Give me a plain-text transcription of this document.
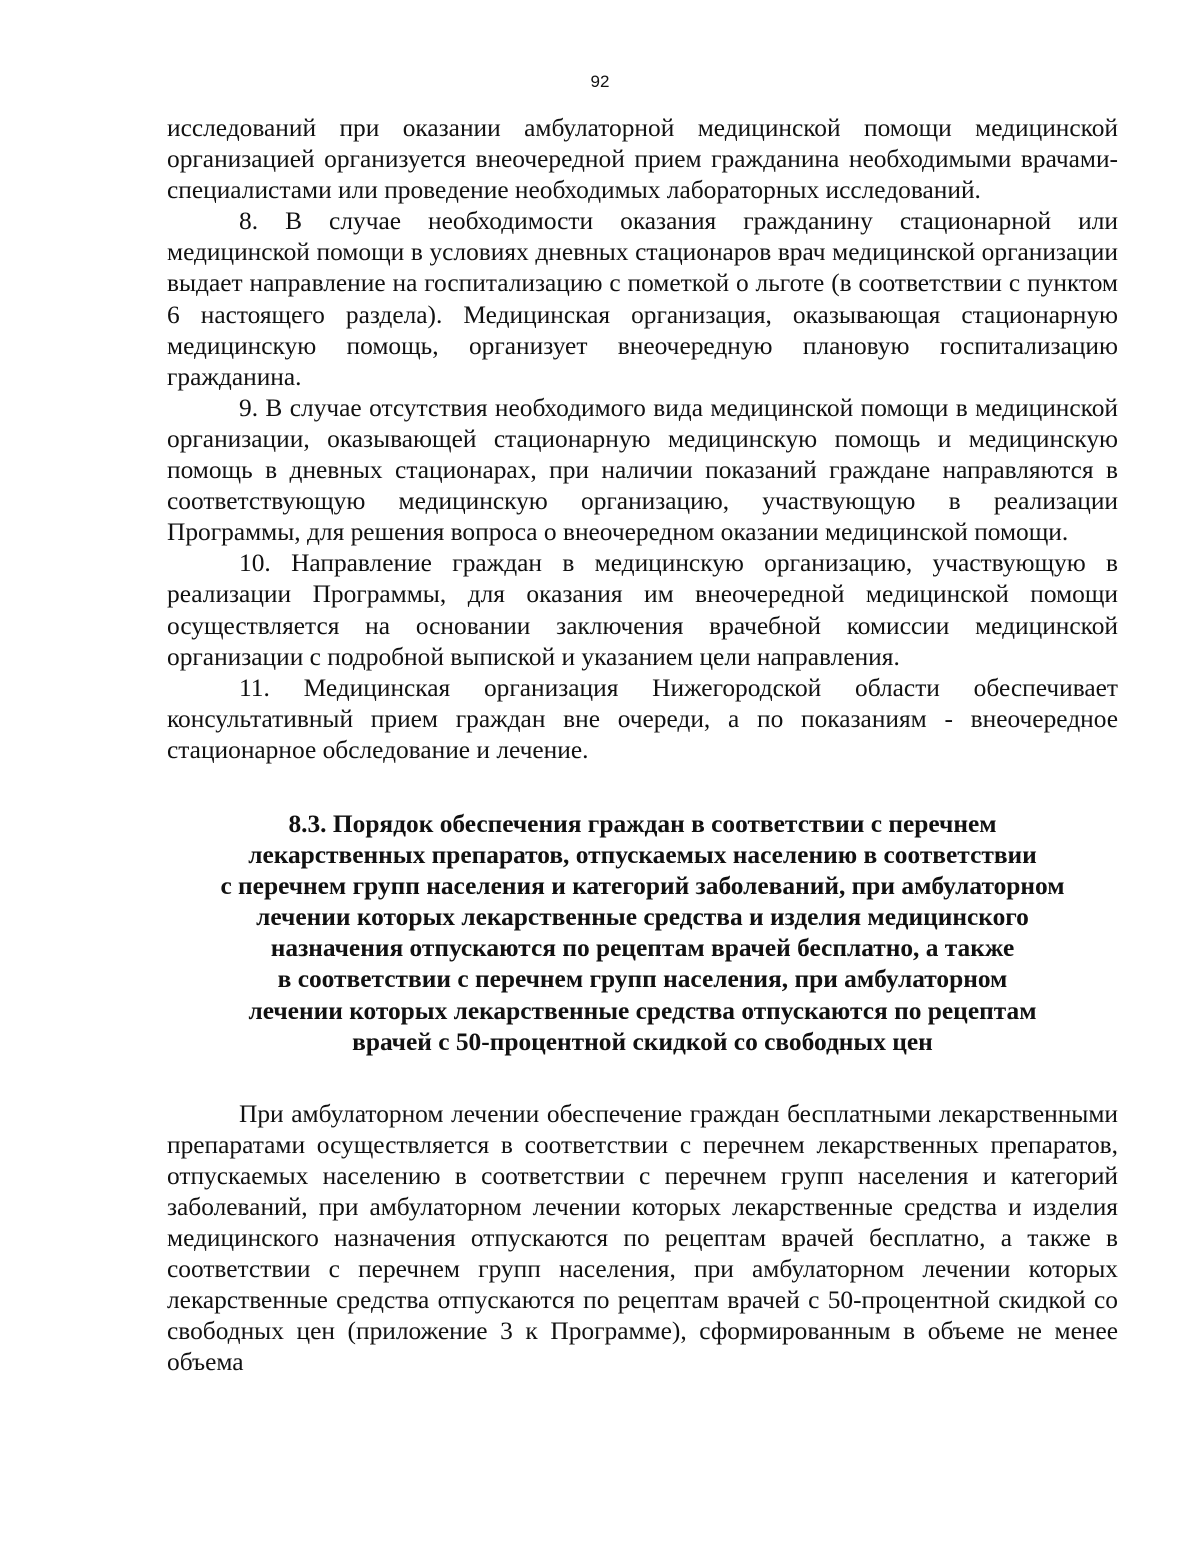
92

исследований при оказании амбулаторной медицинской помощи медицинской организацией организуется внеочередной прием гражданина необходимыми врачами-специалистами или проведение необходимых лабораторных исследований.

8. В случае необходимости оказания гражданину стационарной или медицинской помощи в условиях дневных стационаров врач медицинской организации выдает направление на госпитализацию с пометкой о льготе (в соответствии с пунктом 6 настоящего раздела). Медицинская организация, оказывающая стационарную медицинскую помощь, организует внеочередную плановую госпитализацию гражданина.

9. В случае отсутствия необходимого вида медицинской помощи в медицинской организации, оказывающей стационарную медицинскую помощь и медицинскую помощь в дневных стационарах, при наличии показаний граждане направляются в соответствующую медицинскую организацию, участвующую в реализации Программы, для решения вопроса о внеочередном оказании медицинской помощи.

10. Направление граждан в медицинскую организацию, участвующую в реализации Программы, для оказания им внеочередной медицинской помощи осуществляется на основании заключения врачебной комиссии медицинской организации с подробной выпиской и указанием цели направления.

11. Медицинская организация Нижегородской области обеспечивает консультативный прием граждан вне очереди, а по показаниям - внеочередное стационарное обследование и лечение.

8.3. Порядок обеспечения граждан в соответствии с перечнем
лекарственных препаратов, отпускаемых населению в соответствии
с перечнем групп населения и категорий заболеваний, при амбулаторном
лечении которых лекарственные средства и изделия медицинского
назначения отпускаются по рецептам врачей бесплатно, а также
в соответствии с перечнем групп населения, при амбулаторном
лечении которых лекарственные средства отпускаются по рецептам
врачей с 50-процентной скидкой со свободных цен

При амбулаторном лечении обеспечение граждан бесплатными лекарственными препаратами осуществляется в соответствии с перечнем лекарственных препаратов, отпускаемых населению в соответствии с перечнем групп населения и категорий заболеваний, при амбулаторном лечении которых лекарственные средства и изделия медицинского назначения отпускаются по рецептам врачей бесплатно, а также в соответствии с перечнем групп населения, при амбулаторном лечении которых лекарственные средства отпускаются по рецептам врачей с 50-процентной скидкой со свободных цен (приложение 3 к Программе), сформированным в объеме не менее объема
